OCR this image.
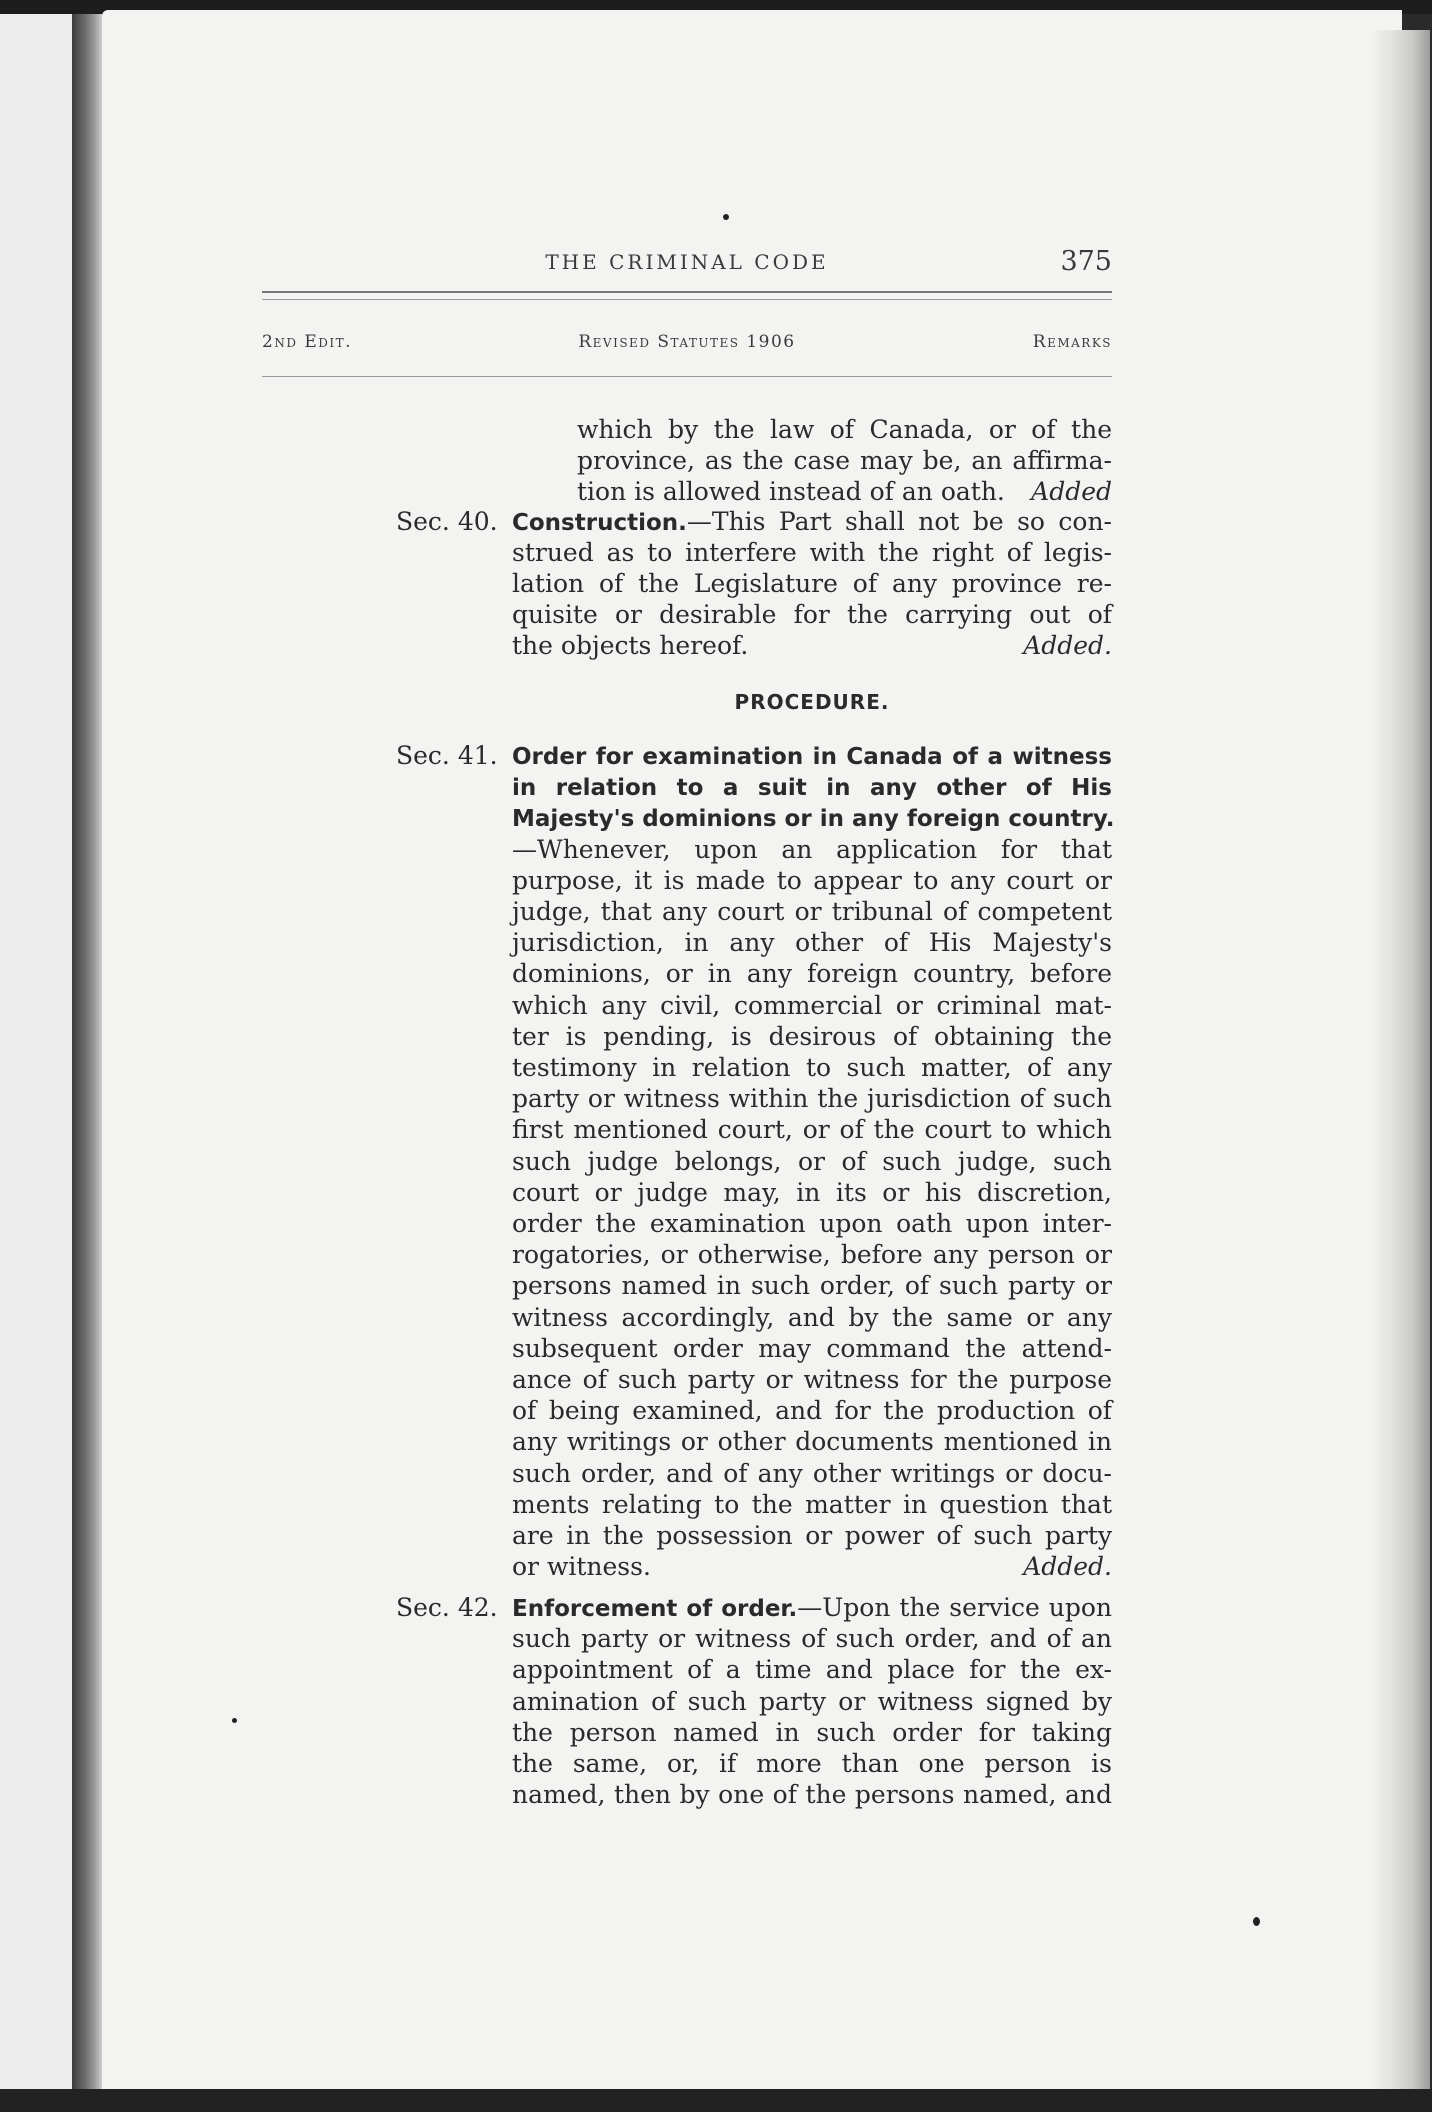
THE CRIMINAL CODE	375
2nd Edit.	Revised Statutes 1906	Remarks
which by the law of Canada, or of the
province, as the case may be, an affirma-
tion is allowed instead of an oath. Added
Sec. 40. Construction.—This Part shall not be so con-
strued as to interfere with the right of legis-
lation of the Legislature of any province re-
quisite or desirable for the carrying out of
the objects hereof.	Added.
PROCEDURE.
Sec. 41. Order for examination in Canada of a witness
in relation to a suit in any other of His
Majesty's dominions or in any foreign country.
—Whenever, upon an application for that
purpose, it is made to appear to any court or
judge, that any court or tribunal of competent
jurisdiction, in any other of His Majesty's
dominions, or in any foreign country, before
which any civil, commercial or criminal mat-
ter is pending, is desirous of obtaining the
testimony in relation to such matter, of any
party or witness within the jurisdiction of such
first mentioned court, or of the court to which
such judge belongs, or of such judge, such
court or judge may, in its or his discretion,
order the examination upon oath upon inter-
rogatories, or otherwise, before any person or
persons named in such order, of such party or
witness accordingly, and by the same or any
subsequent order may command the attend-
ance of such party or witness for the purpose
of being examined, and for the production of
any writings or other documents mentioned in
such order, and of any other writings or docu-
ments relating to the matter in question that
are in the possession or power of such party
or witness.	Added.
Sec. 42. Enforcement of order.—Upon the service upon
such party or witness of such order, and of an
appointment of a time and place for the ex-
amination of such party or witness signed by
the person named in such order for taking
the same, or, if more than one person is
named, then by one of the persons named, and
